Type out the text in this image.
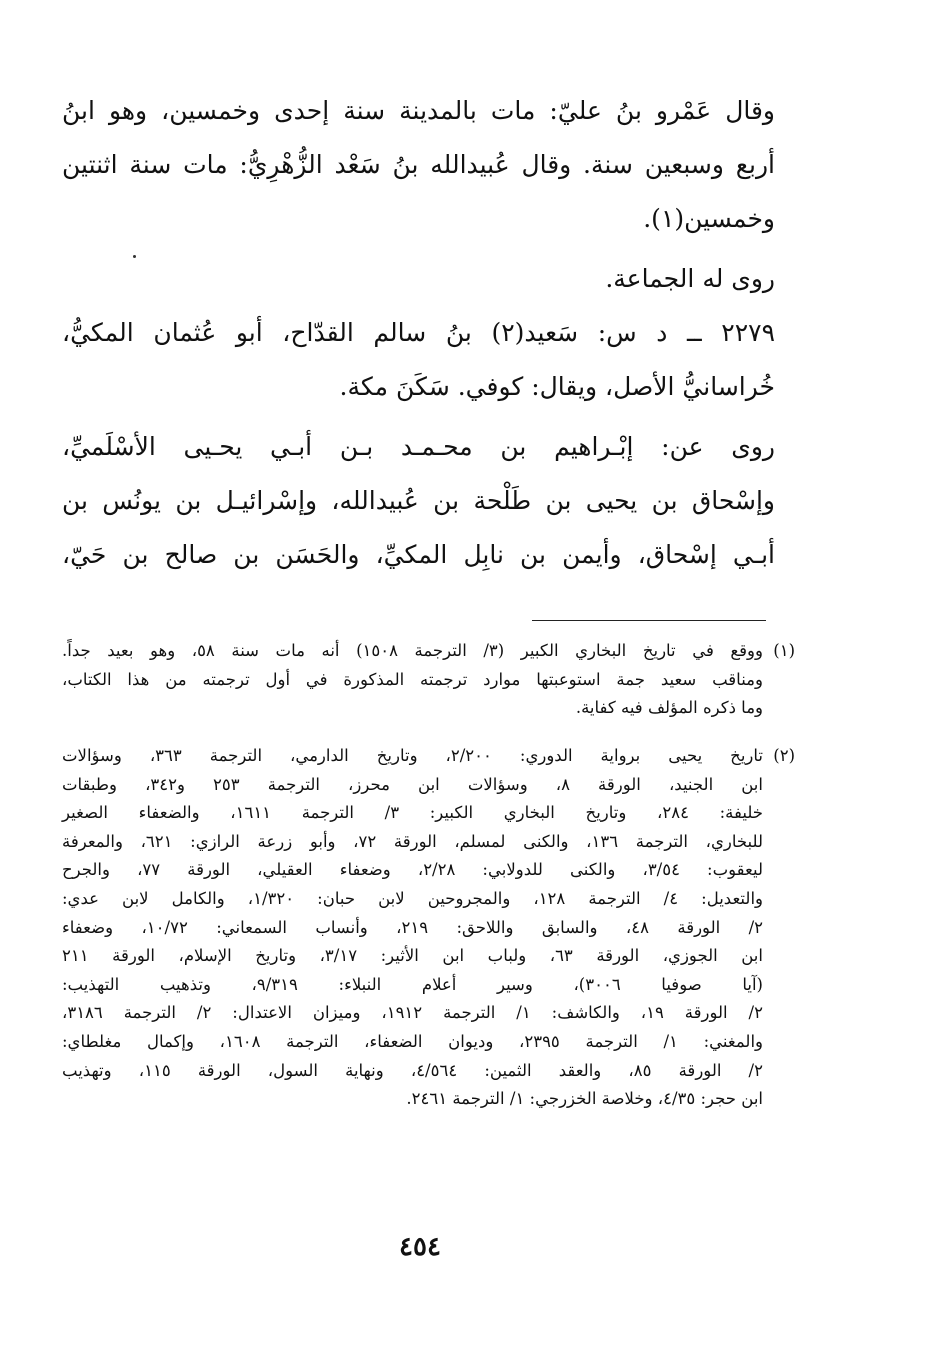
وقال عَمْرو بنُ عليّ: مات بالمدينة سنة إحدى وخمسين، وهو ابنُ
أربع وسبعين سنة. وقال عُبيدالله بنُ سَعْد الزُّهْرِيُّ: مات سنة اثنتين
وخمسين(١).
روى له الجماعة.
٢٢٧٩ ــ د س: سَعيد(٢) بنُ سالم القدّاح، أبو عُثمان المكيُّ،
خُراسانيُّ الأصل، ويقال: كوفي. سَكَنَ مكة.
روى عن: إبْـراهيم بن محـمـد بـن أبـي يحـيى الأسْلَميِّ،
وإسْحاق بن يحيى بن طَلْحة بن عُبيدالله، وإسْرائيـل بن يونُس بن
أبـي إسْحاق، وأيمن بن نابِل المكيِّ، والحَسَن بن صالح بن حَيّ،
(١)
ووقع في تاريخ البخاري الكبير (٣/ الترجمة ١٥٠٨) أنه مات سنة ٥٨، وهو بعيد جداً.
ومناقب سعيد جمة استوعبتها موارد ترجمته المذكورة في أول ترجمته من هذا الكتاب،
وما ذكره المؤلف فيه كفاية.
(٢)
تاريخ يحيى برواية الدوري: ٢/٢٠٠، وتاريخ الدارمي، الترجمة ٣٦٣، وسؤالات
ابن الجنيد، الورقة ٨، وسؤالات ابن محرز، الترجمة ٢٥٣ و٣٤٢، وطبقات
خليفة: ٢٨٤، وتاريخ البخاري الكبير: ٣/ الترجمة ١٦١١، والضعفاء الصغير
للبخاري، الترجمة ١٣٦، والكنى لمسلم، الورقة ٧٢، وأبو زرعة الرازي: ٦٢١، والمعرفة
ليعقوب: ٣/٥٤، والكنى للدولابي: ٢/٢٨، وضعفاء العقيلي، الورقة ٧٧، والجرح
والتعديل: ٤/ الترجمة ١٢٨، والمجروحين لابن حبان: ١/٣٢٠، والكامل لابن عدي:
٢/ الورقة ٤٨، والسابق واللاحق: ٢١٩، وأنساب السمعاني: ١٠/٧٢، وضعفاء
ابن الجوزي، الورقة ٦٣، ولباب ابن الأثير: ٣/١٧، وتاريخ الإسلام، الورقة ٢١١
(آيا صوفيا ٣٠٠٦)، وسير أعلام النبلاء: ٩/٣١٩، وتذهيب التهذيب:
٢/ الورقة ١٩، والكاشف: ١/ الترجمة ١٩١٢، وميزان الاعتدال: ٢/ الترجمة ٣١٨٦،
والمغني: ١/ الترجمة ٢٣٩٥، وديوان الضعفاء، الترجمة ١٦٠٨، وإكمال مغلطاي:
٢/ الورقة ٨٥، والعقد الثمين: ٤/٥٦٤، ونهاية السول، الورقة ١١٥، وتهذيب
ابن حجر: ٤/٣٥، وخلاصة الخزرجي: ١/ الترجمة ٢٤٦١.
٤٥٤
